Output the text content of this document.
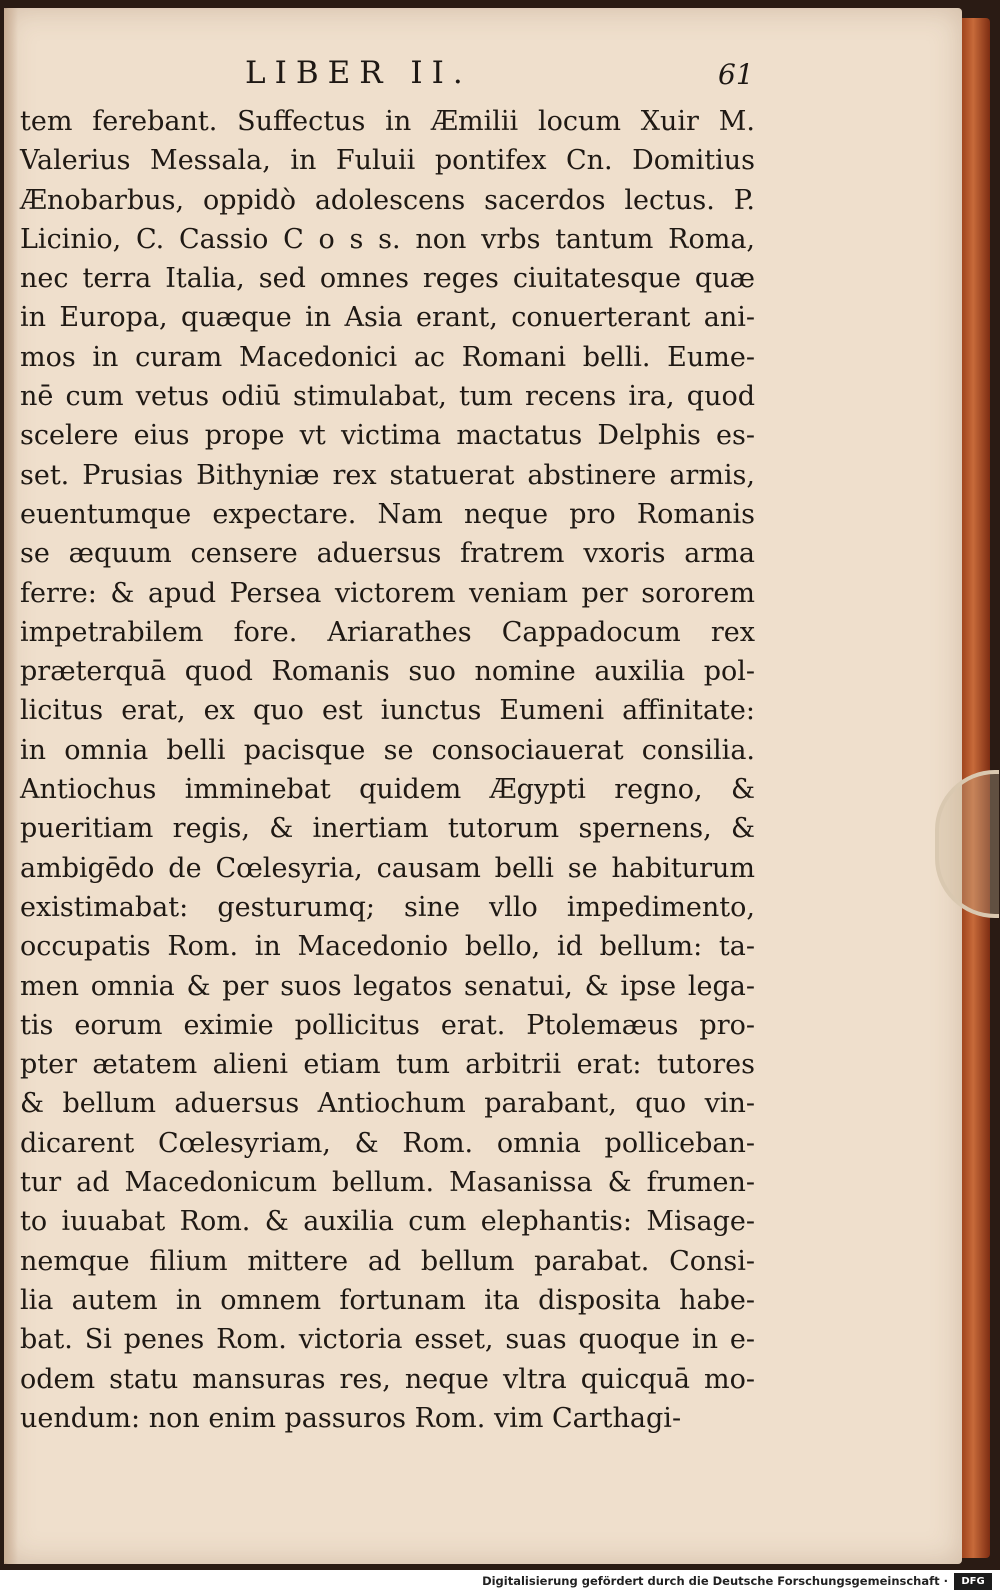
LIBER II.	61
tem ferebant. Suffectus in Æmilii locum Xuir M.
Valerius Messala, in Fuluii pontifex Cn. Domitius
Ænobarbus, oppidò adolescens sacerdos lectus. P.
Licinio, C. Cassio C o s s. non vrbs tantum Roma,
nec terra Italia, sed omnes reges ciuitatesque quæ
in Europa, quæque in Asia erant, conuerterant ani-
mos in curam Macedonici ac Romani belli. Eume-
nē cum vetus odiū stimulabat, tum recens ira, quod
scelere eius prope vt victima mactatus Delphis es-
set. Prusias Bithyniæ rex statuerat abstinere armis,
euentumque expectare. Nam neque pro Romanis
se æquum censere aduersus fratrem vxoris arma
ferre: & apud Persea victorem veniam per sororem
impetrabilem fore. Ariarathes Cappadocum rex
præterquā quod Romanis suo nomine auxilia pol-
licitus erat, ex quo est iunctus Eumeni affinitate:
in omnia belli pacisque se consociauerat consilia.
Antiochus imminebat quidem Ægypti regno, &
pueritiam regis, & inertiam tutorum spernens, &
ambigēdo de Cœlesyria, causam belli se habiturum
existimabat: gesturumq; sine vllo impedimento,
occupatis Rom. in Macedonio bello, id bellum: ta-
men omnia & per suos legatos senatui, & ipse lega-
tis eorum eximie pollicitus erat. Ptolemæus pro-
pter ætatem alieni etiam tum arbitrii erat: tutores
& bellum aduersus Antiochum parabant, quo vin-
dicarent Cœlesyriam, & Rom. omnia polliceban-
tur ad Macedonicum bellum. Masanissa & frumen-
to iuuabat Rom. & auxilia cum elephantis: Misage-
nemque filium mittere ad bellum parabat. Consi-
lia autem in omnem fortunam ita disposita habe-
bat. Si penes Rom. victoria esset, suas quoque in e-
odem statu mansuras res, neque vltra quicquā mo-
uendum: non enim passuros Rom. vim Carthagi-
Digitalisierung gefördert durch die Deutsche Forschungsgemeinschaft ·	DFG
